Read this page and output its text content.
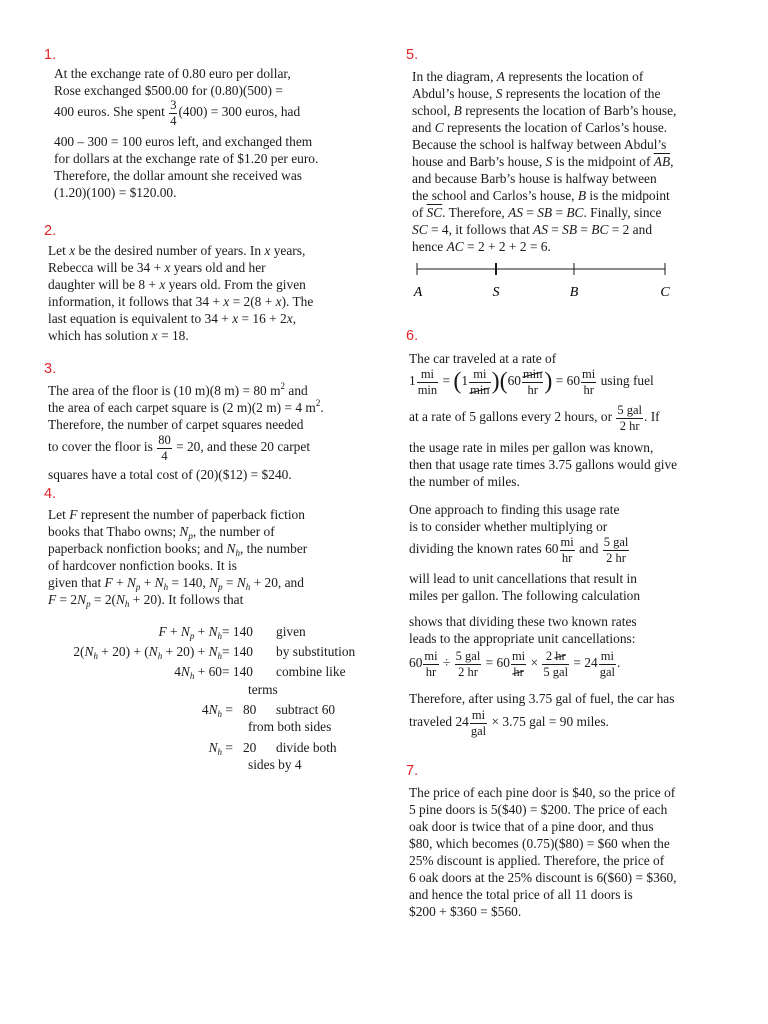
1.
At the exchange rate of 0.80 euro per dollar,
Rose exchanged $500.00 for (0.80)(500) =
400 euros. She spent $\frac{3}{4} (400) = 300$ euros, had
400 – 300 = 100 euros left, and exchanged them
for dollars at the exchange rate of $1.20 per euro.
Therefore, the dollar amount she received was
(1.20)(100) = $120.00.
2.
Let x be the desired number of years. In x years,
Rebecca will be 34 + x years old and her
daughter will be 8 + x years old. From the given
information, it follows that 34 + x = 2(8 + x). The
last equation is equivalent to 34 + x = 16 + 2x,
which has solution x = 18.
3.
The area of the floor is (10 m)(8 m) = 80 $m^2$ and
the area of each carpet square is (2 m)(2 m) = 4 $m^2$.
Therefore, the number of carpet squares needed
to cover the floor is $\frac{80}{4} = 20$, and these 20 carpet
squares have a total cost of (20)($12) = $240.
4.
Let F represent the number of paperback fiction
books that Thabo owns; $N_p$, the number of
paperback nonfiction books; and $N_h$, the number
of hardcover nonfiction books. It is
given that $F + N_p + N_h = 140$, $N_p = N_h + 20$, and
$F = 2N_p = 2(N_h + 20)$. It follows that
$F + N_p + N_h = 140$ given
$2(N_h + 20) + (N_h + 20) + N_h = 140$ by substitution
$4N_h + 60 = 140$ combine like
terms
$4N_h = 80$ subtract 60
from both sides
$N_h = 20$ divide both
sides by 4
5.
In the diagram, A represents the location of
Abdul’s house, S represents the location of the
school, B represents the location of Barb’s house,
and C represents the location of Carlos’s house.
Because the school is halfway between Abdul’s
house and Barb’s house, S is the midpoint of $\overline{AB}$,
and because Barb’s house is halfway between
the school and Carlos’s house, B is the midpoint
of $\overline{SC}$. Therefore, AS = SB = BC. Finally, since
SC = 4, it follows that AS = SB = BC = 2 and
hence AC = 2 + 2 + 2 = 6.
A	S	B	C
6.
The car traveled at a rate of
$1 \frac{mi}{\min} = (1 \frac{mi}{\min} )(60 \frac{\min}{hr}$ ) = $60 \frac{mi}{hr}$ using fuel
at a rate of 5 gallons every 2 hours, or $\frac{\text{5 gal}}{2 hr}$ . If
the usage rate in miles per gallon was known,
then that usage rate times 3.75 gallons would give
the number of miles.
One approach to finding this usage rate
is to consider whether multiplying or
dividing the known rates $60 \frac{mi}{hr}$ and $\frac{\text{5 gal}}{2 hr}$
will lead to unit cancellations that result in
miles per gallon. The following calculation
shows that dividing these two known rates
leads to the appropriate unit cancellations:
$60 \frac{mi}{hr} \div \frac{\text{5 gal}}{2 hr} = 60 \frac{mi}{hr} \times \frac{2 hr}{\text{5 gal}} = 24 \frac{mi}{\text{gal}}$ .
Therefore, after using 3.75 gal of fuel, the car has
traveled $24 \frac{mi}{\text{gal}} \times 3.75$ gal = 90 miles.
7.
The price of each pine door is $40, so the price of
5 pine doors is 5($40) = $200. The price of each
oak door is twice that of a pine door, and thus
$80, which becomes (0.75)($80) = $60 when the
25% discount is applied. Therefore, the price of
6 oak doors at the 25% discount is 6($60) = $360,
and hence the total price of all 11 doors is
$200 + $360 = $560.
